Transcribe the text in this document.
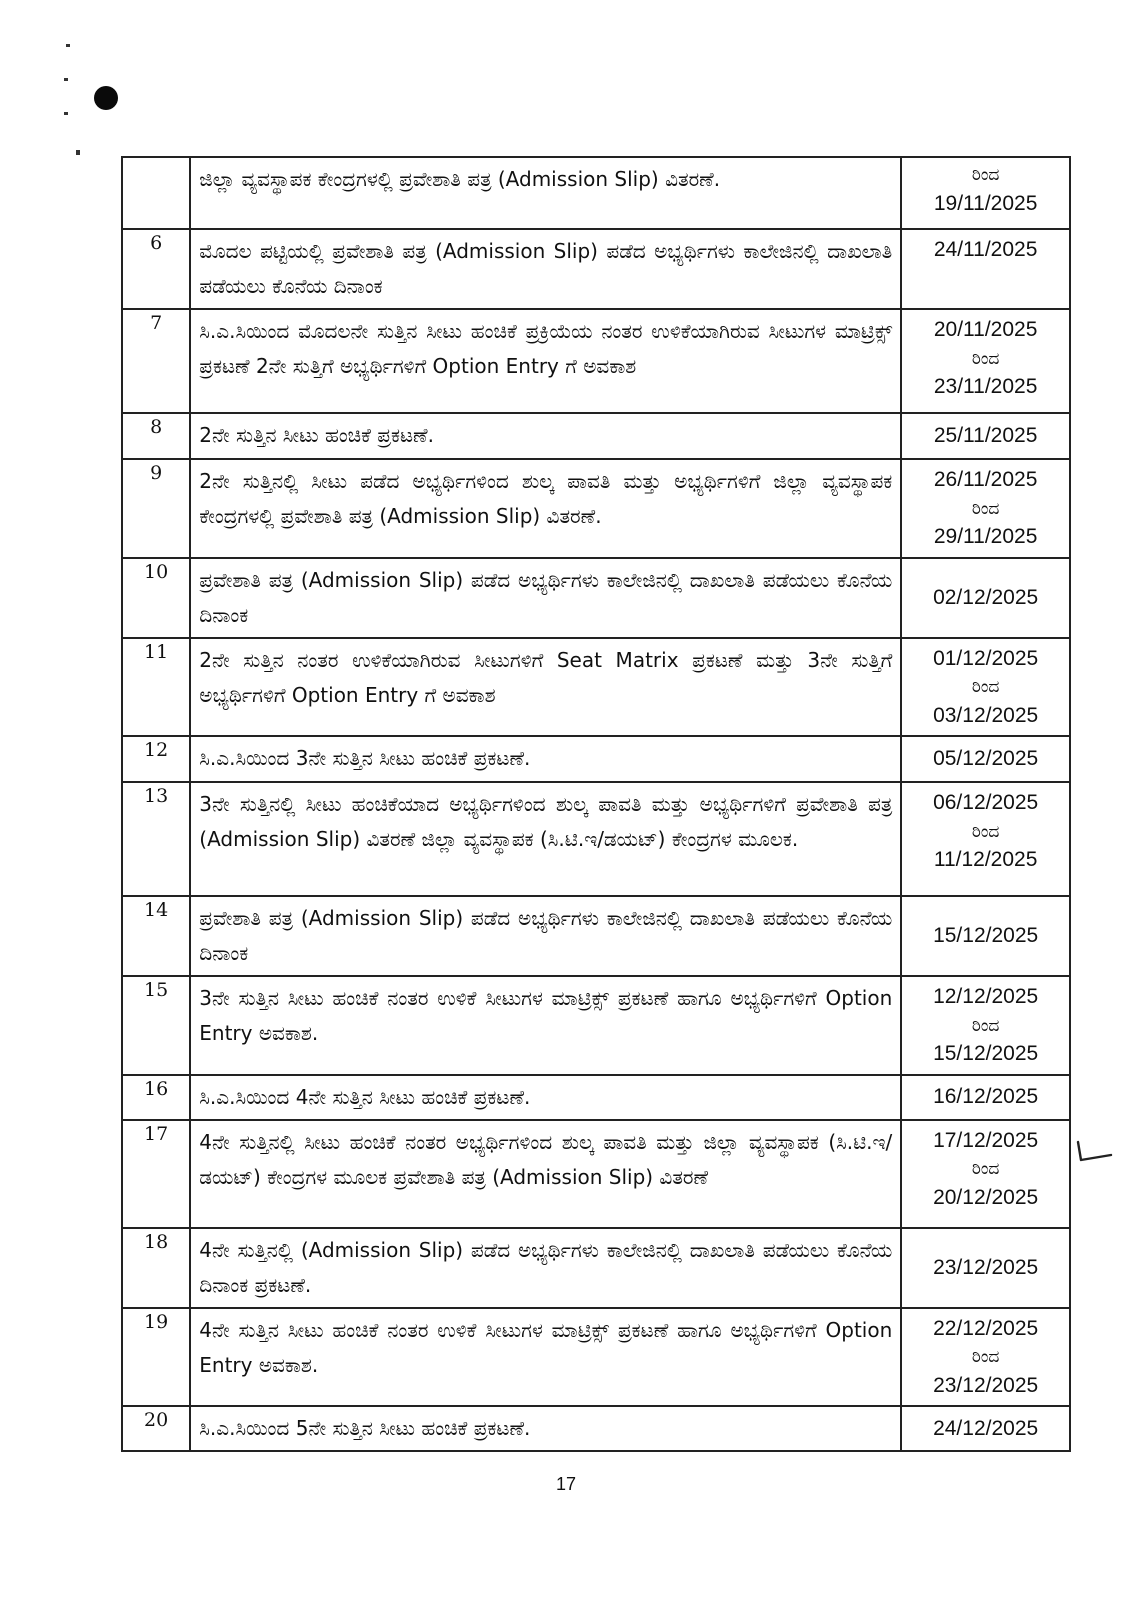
	ಜಿಲ್ಲಾ ವ್ಯವಸ್ಥಾಪಕ ಕೇಂದ್ರಗಳಲ್ಲಿ ಪ್ರವೇಶಾತಿ ಪತ್ರ (Admission Slip) ವಿತರಣೆ.	ರಿಂದ
19/11/2025

6	ಮೊದಲ ಪಟ್ಟಿಯಲ್ಲಿ ಪ್ರವೇಶಾತಿ ಪತ್ರ (Admission Slip) ಪಡೆದ ಅಭ್ಯರ್ಥಿಗಳು ಕಾಲೇಜಿನಲ್ಲಿ ದಾಖಲಾತಿ ಪಡೆಯಲು ಕೊನೆಯ ದಿನಾಂಕ	24/11/2025

7	ಸಿ.ಎ.ಸಿಯಿಂದ ಮೊದಲನೇ ಸುತ್ತಿನ ಸೀಟು ಹಂಚಿಕೆ ಪ್ರಕ್ರಿಯೆಯ ನಂತರ ಉಳಿಕೆಯಾಗಿರುವ ಸೀಟುಗಳ ಮಾಟ್ರಿಕ್ಸ್ ಪ್ರಕಟಣೆ 2ನೇ ಸುತ್ತಿಗೆ ಅಭ್ಯರ್ಥಿಗಳಿಗೆ Option Entry ಗೆ ಅವಕಾಶ	20/11/2025
ರಿಂದ
23/11/2025

8	2ನೇ ಸುತ್ತಿನ ಸೀಟು ಹಂಚಿಕೆ ಪ್ರಕಟಣೆ.	25/11/2025

9	2ನೇ ಸುತ್ತಿನಲ್ಲಿ ಸೀಟು ಪಡೆದ ಅಭ್ಯರ್ಥಿಗಳಿಂದ ಶುಲ್ಕ ಪಾವತಿ ಮತ್ತು ಅಭ್ಯರ್ಥಿಗಳಿಗೆ ಜಿಲ್ಲಾ ವ್ಯವಸ್ಥಾಪಕ ಕೇಂದ್ರಗಳಲ್ಲಿ ಪ್ರವೇಶಾತಿ ಪತ್ರ (Admission Slip) ವಿತರಣೆ.	26/11/2025
ರಿಂದ
29/11/2025

10	ಪ್ರವೇಶಾತಿ ಪತ್ರ (Admission Slip) ಪಡೆದ ಅಭ್ಯರ್ಥಿಗಳು ಕಾಲೇಜಿನಲ್ಲಿ ದಾಖಲಾತಿ ಪಡೆಯಲು ಕೊನೆಯ ದಿನಾಂಕ	02/12/2025

11	2ನೇ ಸುತ್ತಿನ ನಂತರ ಉಳಿಕೆಯಾಗಿರುವ ಸೀಟುಗಳಿಗೆ Seat Matrix ಪ್ರಕಟಣೆ ಮತ್ತು 3ನೇ ಸುತ್ತಿಗೆ ಅಭ್ಯರ್ಥಿಗಳಿಗೆ Option Entry ಗೆ ಅವಕಾಶ	01/12/2025
ರಿಂದ
03/12/2025

12	ಸಿ.ಎ.ಸಿಯಿಂದ 3ನೇ ಸುತ್ತಿನ ಸೀಟು ಹಂಚಿಕೆ ಪ್ರಕಟಣೆ.	05/12/2025

13	3ನೇ ಸುತ್ತಿನಲ್ಲಿ ಸೀಟು ಹಂಚಿಕೆಯಾದ ಅಭ್ಯರ್ಥಿಗಳಿಂದ ಶುಲ್ಕ ಪಾವತಿ ಮತ್ತು ಅಭ್ಯರ್ಥಿಗಳಿಗೆ ಪ್ರವೇಶಾತಿ ಪತ್ರ (Admission Slip) ವಿತರಣೆ ಜಿಲ್ಲಾ ವ್ಯವಸ್ಥಾಪಕ (ಸಿ.ಟಿ.ಇ/ಡಯಟ್) ಕೇಂದ್ರಗಳ ಮೂಲಕ.	06/12/2025
ರಿಂದ
11/12/2025

14	ಪ್ರವೇಶಾತಿ ಪತ್ರ (Admission Slip) ಪಡೆದ ಅಭ್ಯರ್ಥಿಗಳು ಕಾಲೇಜಿನಲ್ಲಿ ದಾಖಲಾತಿ ಪಡೆಯಲು ಕೊನೆಯ ದಿನಾಂಕ	15/12/2025

15	3ನೇ ಸುತ್ತಿನ ಸೀಟು ಹಂಚಿಕೆ ನಂತರ ಉಳಿಕೆ ಸೀಟುಗಳ ಮಾಟ್ರಿಕ್ಸ್ ಪ್ರಕಟಣೆ ಹಾಗೂ ಅಭ್ಯರ್ಥಿಗಳಿಗೆ Option Entry ಅವಕಾಶ.	12/12/2025
ರಿಂದ
15/12/2025

16	ಸಿ.ಎ.ಸಿಯಿಂದ 4ನೇ ಸುತ್ತಿನ ಸೀಟು ಹಂಚಿಕೆ ಪ್ರಕಟಣೆ.	16/12/2025

17	4ನೇ ಸುತ್ತಿನಲ್ಲಿ ಸೀಟು ಹಂಚಿಕೆ ನಂತರ ಅಭ್ಯರ್ಥಿಗಳಿಂದ ಶುಲ್ಕ ಪಾವತಿ ಮತ್ತು ಜಿಲ್ಲಾ ವ್ಯವಸ್ಥಾಪಕ (ಸಿ.ಟಿ.ಇ/ಡಯಟ್) ಕೇಂದ್ರಗಳ ಮೂಲಕ ಪ್ರವೇಶಾತಿ ಪತ್ರ (Admission Slip) ವಿತರಣೆ	17/12/2025
ರಿಂದ
20/12/2025

18	4ನೇ ಸುತ್ತಿನಲ್ಲಿ (Admission Slip) ಪಡೆದ ಅಭ್ಯರ್ಥಿಗಳು ಕಾಲೇಜಿನಲ್ಲಿ ದಾಖಲಾತಿ ಪಡೆಯಲು ಕೊನೆಯ ದಿನಾಂಕ ಪ್ರಕಟಣೆ.	23/12/2025

19	4ನೇ ಸುತ್ತಿನ ಸೀಟು ಹಂಚಿಕೆ ನಂತರ ಉಳಿಕೆ ಸೀಟುಗಳ ಮಾಟ್ರಿಕ್ಸ್ ಪ್ರಕಟಣೆ ಹಾಗೂ ಅಭ್ಯರ್ಥಿಗಳಿಗೆ Option Entry ಅವಕಾಶ.	22/12/2025
ರಿಂದ
23/12/2025

20	ಸಿ.ಎ.ಸಿಯಿಂದ 5ನೇ ಸುತ್ತಿನ ಸೀಟು ಹಂಚಿಕೆ ಪ್ರಕಟಣೆ.	24/12/2025
17
